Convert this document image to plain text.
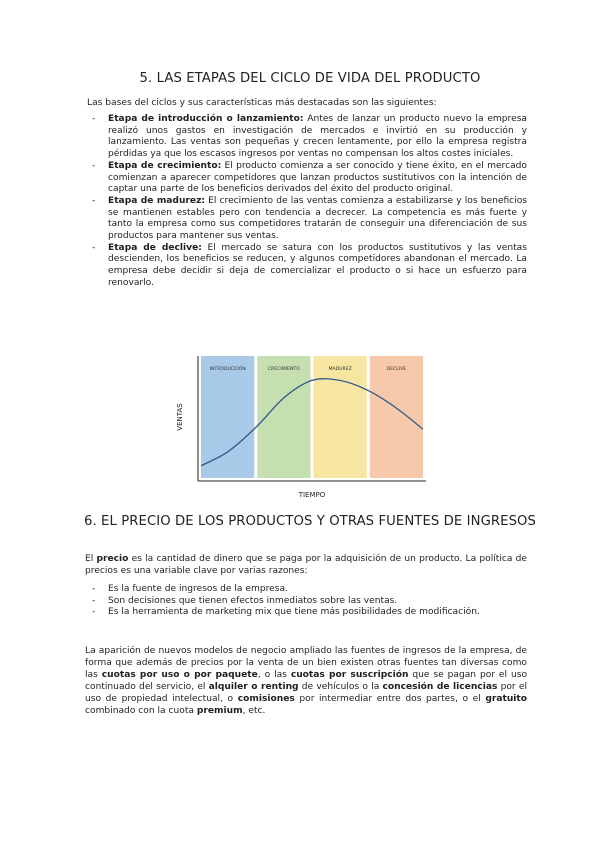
5. LAS ETAPAS DEL CICLO DE VIDA DEL PRODUCTO
Las bases del ciclos y sus características más destacadas son las siguientes:
- Etapa de introducción o lanzamiento: Antes de lanzar un producto nuevo la empresa realizó unos gastos en investigación de mercados e invirtió en su producción y lanzamiento. Las ventas son pequeñas y crecen lentamente, por ello la empresa registra pérdidas ya que los escasos ingresos por ventas no compensan los altos costes iniciales.
- Etapa de crecimiento: El producto comienza a ser conocido y tiene éxito, en el mercado comienzan a aparecer competidores que lanzan productos sustitutivos con la intención de captar una parte de los beneficios derivados del éxito del producto original.
- Etapa de madurez: El crecimiento de las ventas comienza a estabilizarse y los beneficios se mantienen estables pero con tendencia a decrecer. La competencia es más fuerte y tanto la empresa como sus competidores tratarán de conseguir una diferenciación de sus productos para mantener sus ventas.
- Etapa de declive: El mercado se satura con los productos sustitutivos y las ventas descienden, los beneficios se reducen, y algunos competidores abandonan el mercado. La empresa debe decidir si deja de comercializar el producto o si hace un esfuerzo para renovarlo.
INTRODUCCIÓN	CRECIMIENTO	MADUREZ	DECLIVE
VENTAS
TIEMPO
6. EL PRECIO DE LOS PRODUCTOS Y OTRAS FUENTES DE INGRESOS
El precio es la cantidad de dinero que se paga por la adquisición de un producto. La política de precios es una variable clave por varias razones:
- Es la fuente de ingresos de la empresa.
- Son decisiones que tienen efectos inmediatos sobre las ventas.
- Es la herramienta de marketing mix que tiene más posibilidades de modificación.
La aparición de nuevos modelos de negocio ampliado las fuentes de ingresos de la empresa, de forma que además de precios por la venta de un bien existen otras fuentes tan diversas como las cuotas por uso o por paquete, o las cuotas por suscripción que se pagan por el uso continuado del servicio, el alquiler o renting de vehículos o la concesión de licencias por el uso de propiedad intelectual, o comisiones por intermediar entre dos partes, o el gratuito combinado con la cuota premium, etc.
